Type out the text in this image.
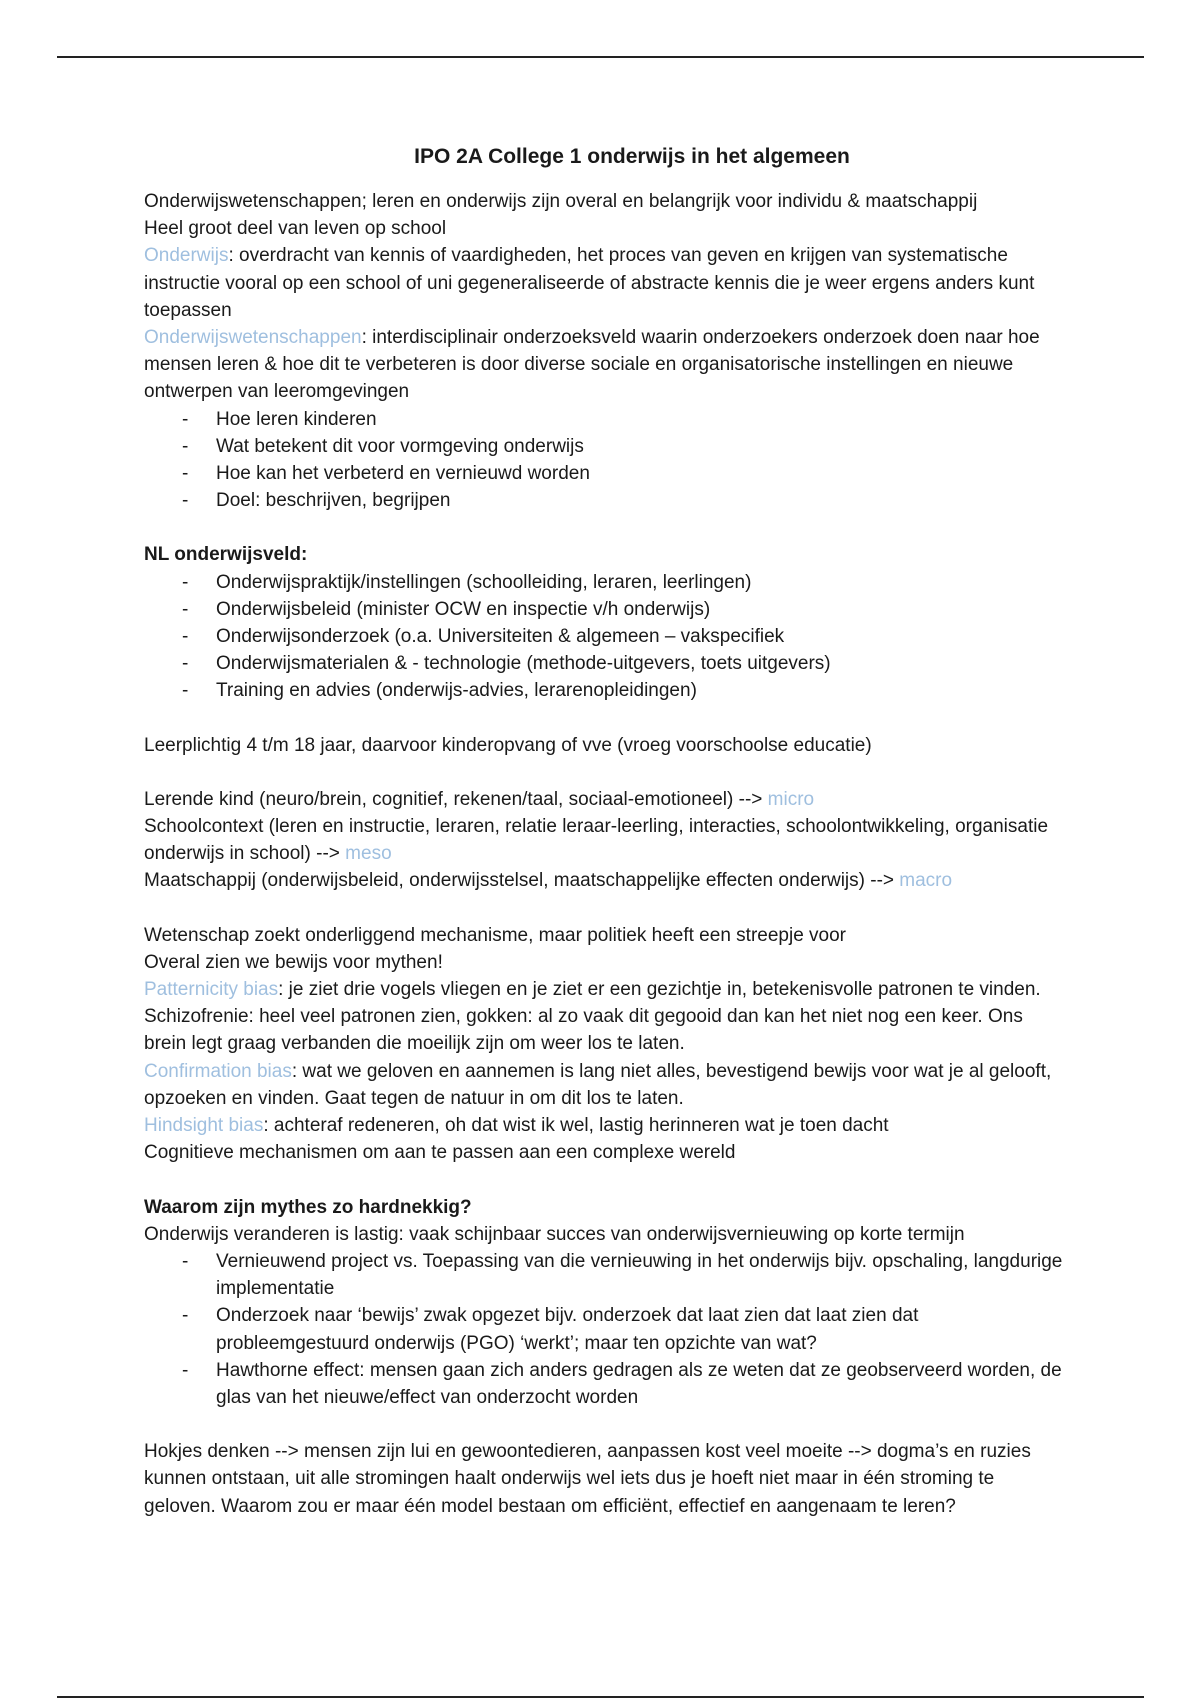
IPO 2A College 1 onderwijs in het algemeen

Onderwijswetenschappen; leren en onderwijs zijn overal en belangrijk voor individu & maatschappij

Heel groot deel van leven op school

Onderwijs: overdracht van kennis of vaardigheden, het proces van geven en krijgen van systematische instructie vooral op een school of uni gegeneraliseerde of abstracte kennis die je weer ergens anders kunt toepassen

Onderwijswetenschappen: interdisciplinair onderzoeksveld waarin onderzoekers onderzoek doen naar hoe mensen leren & hoe dit te verbeteren is door diverse sociale en organisatorische instellingen en nieuwe ontwerpen van leeromgevingen

- Hoe leren kinderen
- Wat betekent dit voor vormgeving onderwijs
- Hoe kan het verbeterd en vernieuwd worden
- Doel: beschrijven, begrijpen
NL onderwijsveld:
- Onderwijspraktijk/instellingen (schoolleiding, leraren, leerlingen)
- Onderwijsbeleid (minister OCW en inspectie v/h onderwijs)
- Onderwijsonderzoek (o.a. Universiteiten & algemeen – vakspecifiek
- Onderwijsmaterialen & - technologie (methode-uitgevers, toets uitgevers)
- Training en advies (onderwijs-advies, lerarenopleidingen)

Leerplichtig 4 t/m 18 jaar, daarvoor kinderopvang of vve (vroeg voorschoolse educatie)

Lerende kind (neuro/brein, cognitief, rekenen/taal, sociaal-emotioneel) --> micro

Schoolcontext (leren en instructie, leraren, relatie leraar-leerling, interacties, schoolontwikkeling, organisatie onderwijs in school) --> meso

Maatschappij (onderwijsbeleid, onderwijsstelsel, maatschappelijke effecten onderwijs) --> macro

Wetenschap zoekt onderliggend mechanisme, maar politiek heeft een streepje voor

Overal zien we bewijs voor mythen!

Patternicity bias: je ziet drie vogels vliegen en je ziet er een gezichtje in, betekenisvolle patronen te vinden. Schizofrenie: heel veel patronen zien, gokken: al zo vaak dit gegooid dan kan het niet nog een keer. Ons brein legt graag verbanden die moeilijk zijn om weer los te laten.

Confirmation bias: wat we geloven en aannemen is lang niet alles, bevestigend bewijs voor wat je al gelooft, opzoeken en vinden. Gaat tegen de natuur in om dit los te laten.

Hindsight bias: achteraf redeneren, oh dat wist ik wel, lastig herinneren wat je toen dacht

Cognitieve mechanismen om aan te passen aan een complexe wereld

Waarom zijn mythes zo hardnekkig?

Onderwijs veranderen is lastig: vaak schijnbaar succes van onderwijsvernieuwing op korte termijn

- Vernieuwend project vs. Toepassing van die vernieuwing in het onderwijs bijv. opschaling, langdurige implementatie
- Onderzoek naar ‘bewijs’ zwak opgezet bijv. onderzoek dat laat zien dat laat zien dat probleemgestuurd onderwijs (PGO) ‘werkt’; maar ten opzichte van wat?
- Hawthorne effect: mensen gaan zich anders gedragen als ze weten dat ze geobserveerd worden, de glas van het nieuwe/effect van onderzocht worden

Hokjes denken --> mensen zijn lui en gewoontedieren, aanpassen kost veel moeite --> dogma’s en ruzies kunnen ontstaan, uit alle stromingen haalt onderwijs wel iets dus je hoeft niet maar in één stroming te geloven. Waarom zou er maar één model bestaan om efficiënt, effectief en aangenaam te leren?
